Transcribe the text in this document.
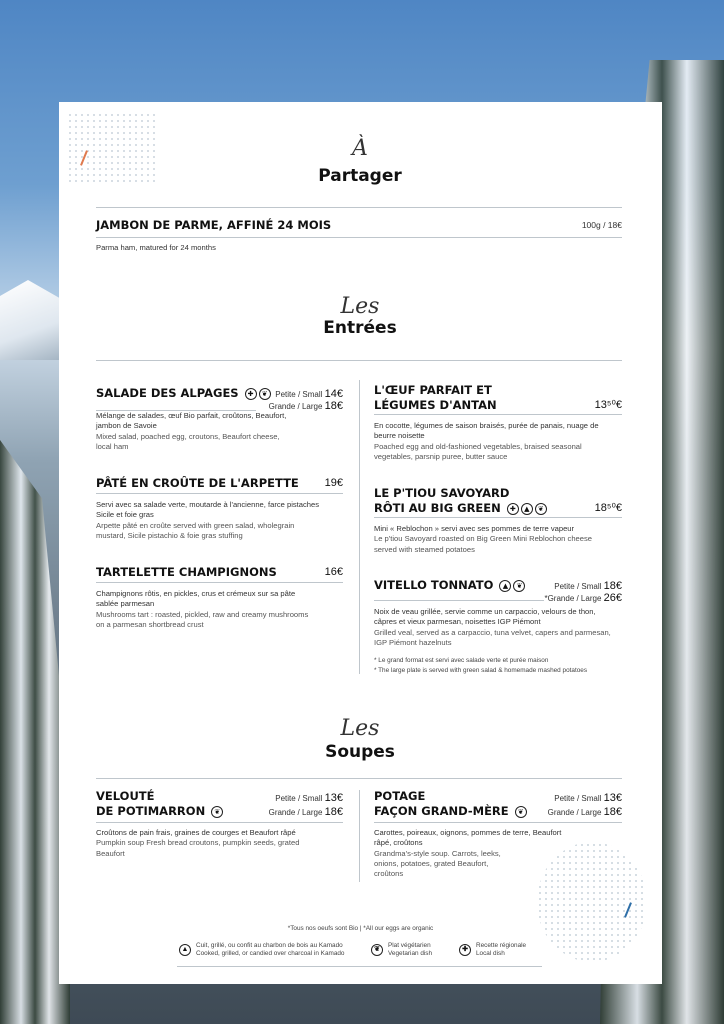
À
Partager
JAMBON DE PARME, AFFINÉ 24 MOIS	100g / 18€
Parma ham, matured for 24 months
Les
Entrées
SALADE DES ALPAGES ✚ ❦ Petite / Small 14€
Grande / Large 18€
Mélange de salades, œuf Bio parfait, croûtons, Beaufort, jambon de Savoie
Mixed salad, poached egg, croutons, Beaufort cheese, local ham
PÂTÉ EN CROÛTE DE L'ARPETTE	19€
Servi avec sa salade verte, moutarde à l'ancienne, farce pistaches Sicile et foie gras
Arpette pâté en croûte served with green salad, wholegrain mustard, Sicile pistachio & foie gras stuffing
TARTELETTE CHAMPIGNONS	16€
Champignons rôtis, en pickles, crus et crémeux sur sa pâte sablée parmesan
Mushrooms tart : roasted, pickled, raw and creamy mushrooms on a parmesan shortbread crust
L'ŒUF PARFAIT ET
LÉGUMES D'ANTAN	13⁵⁰€
En cocotte, légumes de saison braisés, purée de panais, nuage de beurre noisette
Poached egg and old-fashioned vegetables, braised seasonal vegetables, parsnip puree, butter sauce
LE P'TIOU SAVOYARD
RÔTI AU BIG GREEN ✚ ▲ ❦	18⁵⁰€
Mini « Reblochon » servi avec ses pommes de terre vapeur
Le p'tiou Savoyard roasted on Big Green Mini Reblochon cheese served with steamed potatoes
VITELLO TONNATO ▲ ❦	Petite / Small 18€
*Grande / Large 26€
Noix de veau grillée, servie comme un carpaccio, velours de thon, câpres et vieux parmesan, noisettes IGP Piémont
Grilled veal, served as a carpaccio, tuna velvet, capers and parmesan, IGP Piémont hazelnuts
* Le grand format est servi avec salade verte et purée maison
* The large plate is served with green salad & homemade mashed potatoes
Les
Soupes
VELOUTÉ
DE POTIMARRON ❦
Petite / Small 13€
Grande / Large 18€
Croûtons de pain frais, graines de courges et Beaufort râpé
Pumpkin soup Fresh bread croutons, pumpkin seeds, grated Beaufort
POTAGE
FAÇON GRAND-MÈRE ❦
Petite / Small 13€
Grande / Large 18€
Carottes, poireaux, oignons, pommes de terre, Beaufort râpé, croûtons
Grandma's-style soup. Carrots, leeks, onions, potatoes, grated Beaufort, croûtons
*Tous nos oeufs sont Bio | *All our eggs are organic
▲
Cuit, grillé, ou confit au charbon de bois au Kamado
Cooked, grilled, or candied over charcoal in Kamado
❦
Plat végétarien
Vegetarian dish
✚
Recette régionale
Local dish
